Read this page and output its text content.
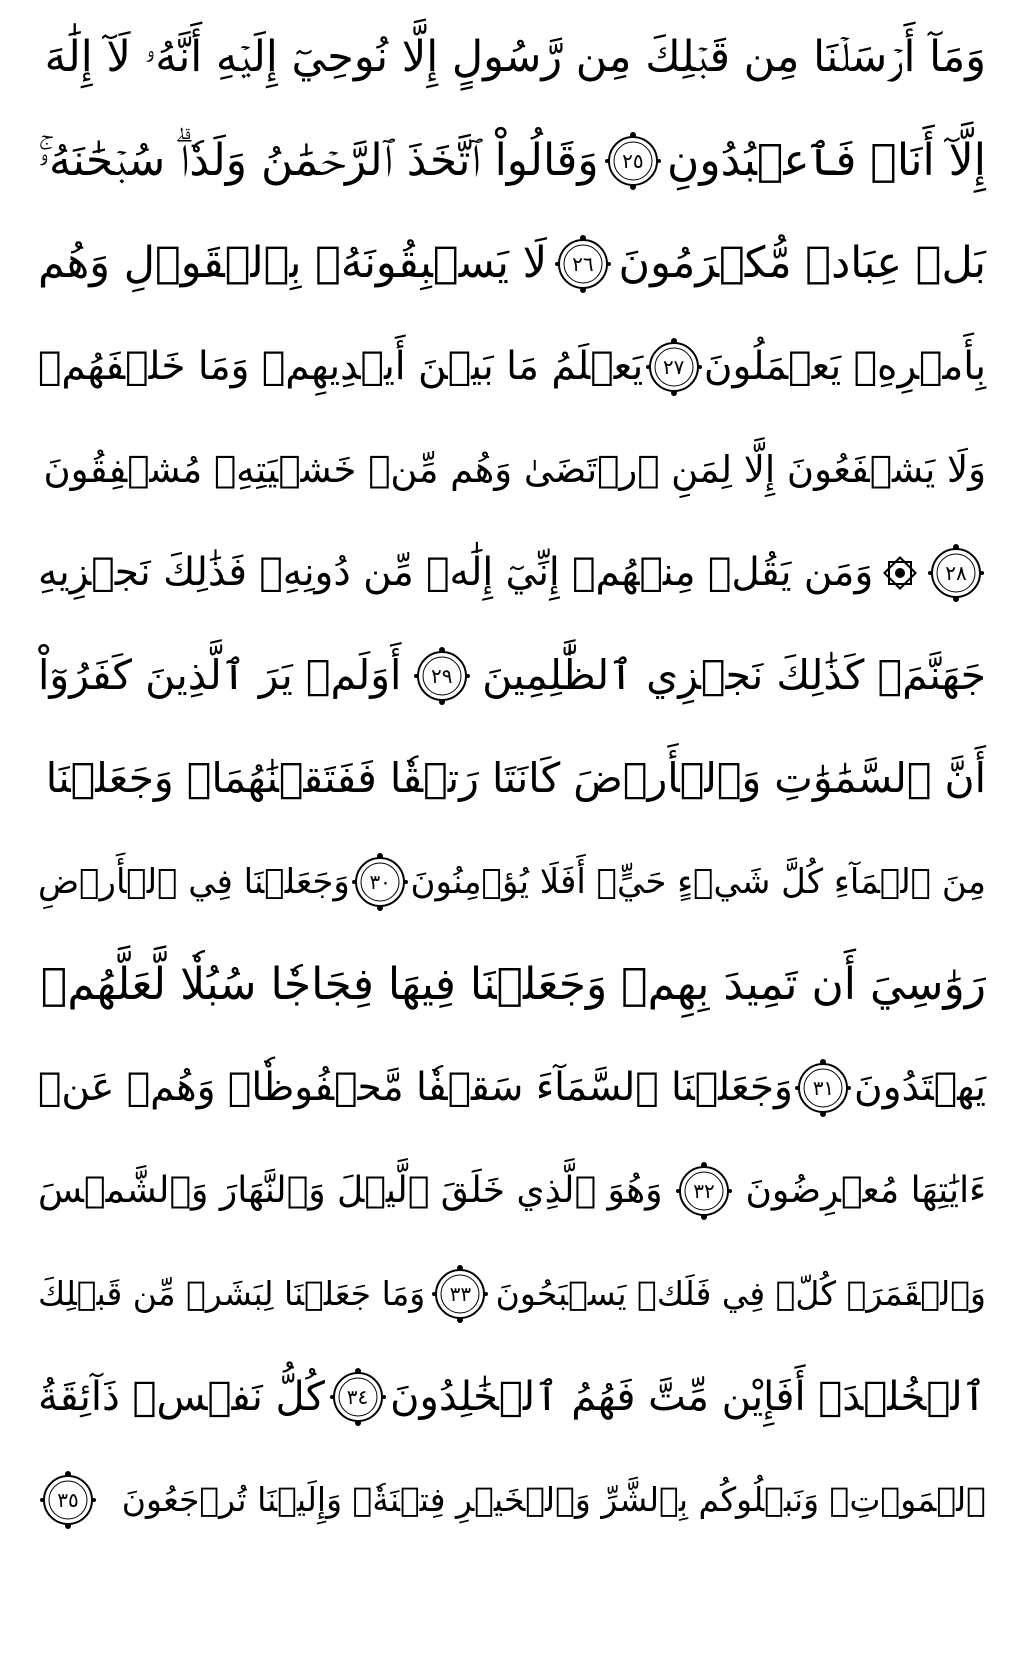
وَمَآ أَرۡسَلۡنَا مِن قَبۡلِكَ مِن رَّسُولٍ إِلَّا نُوحِيٓ إِلَيۡهِ أَنَّهُۥ لَآ إِلَٰهَ
إِلَّآ أَنَا۠ فَٱعۡبُدُونِ
٢٥
وَقَالُواْ ٱتَّخَذَ ٱلرَّحۡمَٰنُ وَلَدٗاۗ سُبۡحَٰنَهُۥۚ
بَلۡ عِبَادٞ مُّكۡرَمُونَ
٢٦
لَا يَسۡبِقُونَهُۥ بِٱلۡقَوۡلِ وَهُم
بِأَمۡرِهِۦ يَعۡمَلُونَ
٢٧
يَعۡلَمُ مَا بَيۡنَ أَيۡدِيهِمۡ وَمَا خَلۡفَهُمۡ
وَلَا يَشۡفَعُونَ إِلَّا لِمَنِ ٱرۡتَضَىٰ وَهُم مِّنۡ خَشۡيَتِهِۦ مُشۡفِقُونَ
٢٨
وَمَن يَقُلۡ مِنۡهُمۡ إِنِّيٓ إِلَٰهٞ مِّن دُونِهِۦ فَذَٰلِكَ نَجۡزِيهِ
جَهَنَّمَۚ كَذَٰلِكَ نَجۡزِي ٱلظَّٰلِمِينَ
٢٩
أَوَلَمۡ يَرَ ٱلَّذِينَ كَفَرُوٓاْ
أَنَّ ٱلسَّمَٰوَٰتِ وَٱلۡأَرۡضَ كَانَتَا رَتۡقٗا فَفَتَقۡنَٰهُمَاۖ وَجَعَلۡنَا
مِنَ ٱلۡمَآءِ كُلَّ شَيۡءٍ حَيٍّۚ أَفَلَا يُؤۡمِنُونَ
٣٠
وَجَعَلۡنَا فِي ٱلۡأَرۡضِ
رَوَٰسِيَ أَن تَمِيدَ بِهِمۡ وَجَعَلۡنَا فِيهَا فِجَاجٗا سُبُلٗا لَّعَلَّهُمۡ
يَهۡتَدُونَ
٣١
وَجَعَلۡنَا ٱلسَّمَآءَ سَقۡفٗا مَّحۡفُوظٗاۖ وَهُمۡ عَنۡ
ءَايَٰتِهَا مُعۡرِضُونَ
٣٢
وَهُوَ ٱلَّذِي خَلَقَ ٱلَّيۡلَ وَٱلنَّهَارَ وَٱلشَّمۡسَ
وَٱلۡقَمَرَۖ كُلّٞ فِي فَلَكٖ يَسۡبَحُونَ
٣٣
وَمَا جَعَلۡنَا لِبَشَرٖ مِّن قَبۡلِكَ
ٱلۡخُلۡدَۖ أَفَإِيْن مِّتَّ فَهُمُ ٱلۡخَٰلِدُونَ
٣٤
كُلُّ نَفۡسٖ ذَآئِقَةُ
ٱلۡمَوۡتِۗ وَنَبۡلُوكُم بِٱلشَّرِّ وَٱلۡخَيۡرِ فِتۡنَةٗۖ وَإِلَيۡنَا تُرۡجَعُونَ
٣٥
